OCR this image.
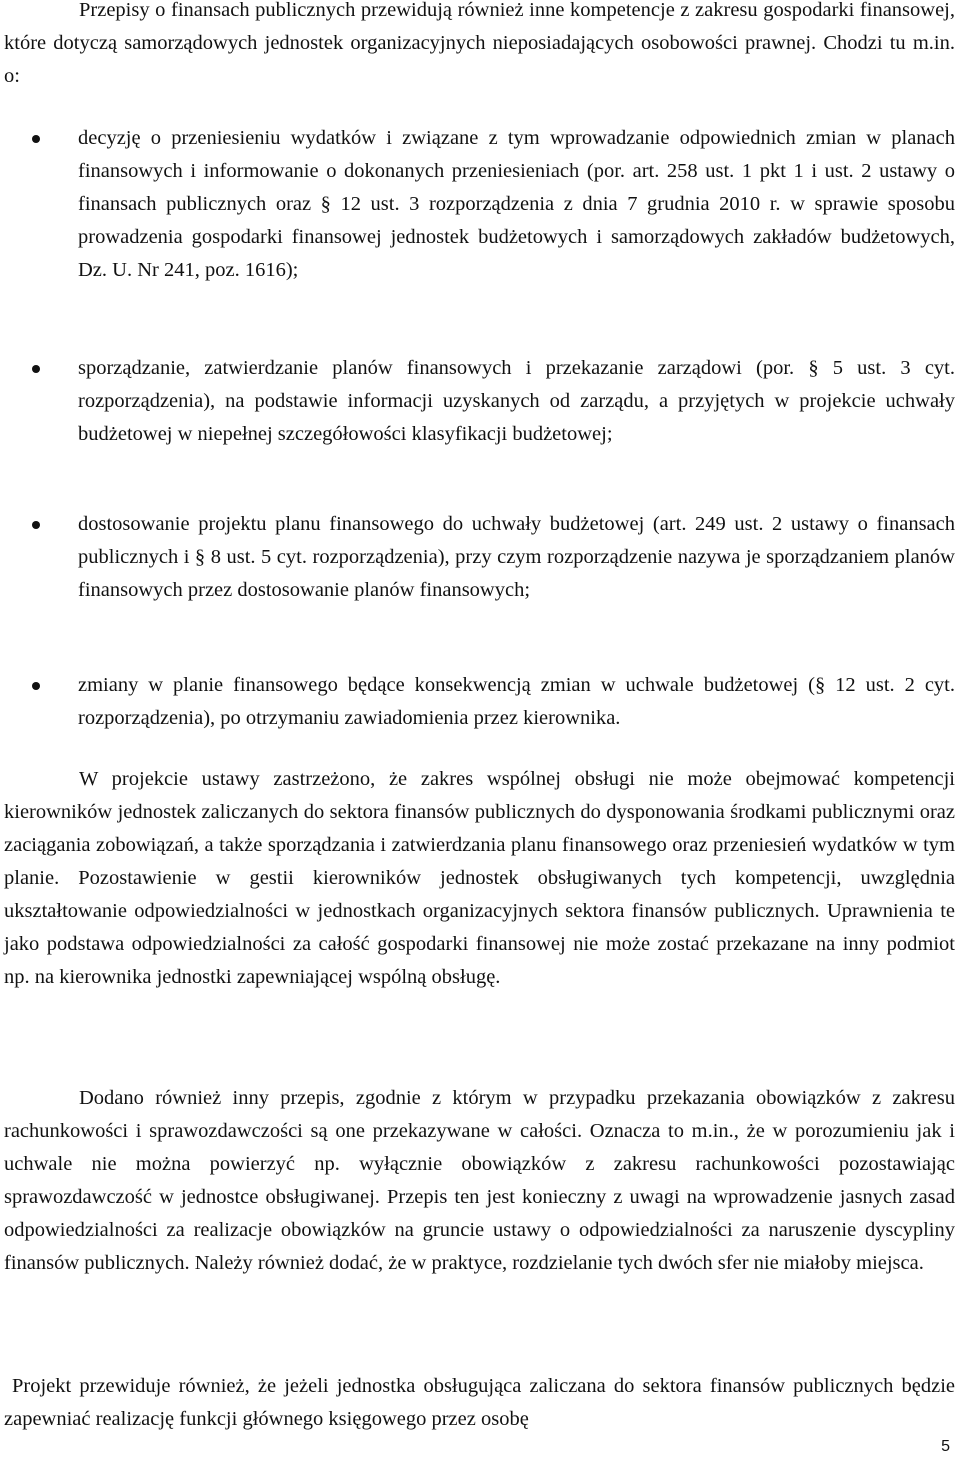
Przepisy o finansach publicznych przewidują również inne kompetencje z zakresu gospodarki finansowej, które dotyczą samorządowych jednostek organizacyjnych nieposiadających osobowości prawnej. Chodzi tu m.in. o:

decyzję o przeniesieniu wydatków i związane z tym wprowadzanie odpowiednich zmian w planach finansowych i informowanie o dokonanych przeniesieniach (por. art. 258 ust. 1 pkt 1 i ust. 2 ustawy o finansach publicznych oraz § 12 ust. 3 rozporządzenia z dnia 7 grudnia 2010 r. w sprawie sposobu prowadzenia gospodarki finansowej jednostek budżetowych i samorządowych zakładów budżetowych, Dz. U. Nr 241, poz. 1616);
sporządzanie, zatwierdzanie planów finansowych i przekazanie zarządowi (por. § 5 ust. 3 cyt. rozporządzenia), na podstawie informacji uzyskanych od zarządu, a przyjętych w projekcie uchwały budżetowej w niepełnej szczegółowości klasyfikacji budżetowej;
dostosowanie projektu planu finansowego do uchwały budżetowej (art. 249 ust. 2 ustawy o finansach publicznych i § 8 ust. 5 cyt. rozporządzenia), przy czym rozporządzenie nazywa je sporządzaniem planów finansowych przez dostosowanie planów finansowych;
zmiany w planie finansowego będące konsekwencją zmian w uchwale budżetowej (§ 12 ust. 2 cyt. rozporządzenia), po otrzymaniu zawiadomienia przez kierownika.

W projekcie ustawy zastrzeżono, że zakres wspólnej obsługi nie może obejmować kompetencji kierowników jednostek zaliczanych do sektora finansów publicznych do dysponowania środkami publicznymi oraz zaciągania zobowiązań, a także sporządzania i zatwierdzania planu finansowego oraz przeniesień wydatków w tym planie. Pozostawienie w gestii kierowników jednostek obsługiwanych tych kompetencji, uwzględnia ukształtowanie odpowiedzialności w jednostkach organizacyjnych sektora finansów publicznych. Uprawnienia te jako podstawa odpowiedzialności za całość gospodarki finansowej nie może zostać przekazane na inny podmiot np. na kierownika jednostki zapewniającej wspólną obsługę.

Dodano również inny przepis, zgodnie z którym w przypadku przekazania obowiązków z zakresu rachunkowości i sprawozdawczości są one przekazywane w całości. Oznacza to m.in., że w porozumieniu jak i uchwale nie można powierzyć np. wyłącznie obowiązków z zakresu rachunkowości pozostawiając sprawozdawczość w jednostce obsługiwanej. Przepis ten jest konieczny z uwagi na wprowadzenie jasnych zasad odpowiedzialności za realizacje obowiązków na gruncie ustawy o odpowiedzialności za naruszenie dyscypliny finansów publicznych. Należy również dodać, że w praktyce, rozdzielanie tych dwóch sfer nie miałoby miejsca.

Projekt przewiduje również, że jeżeli jednostka obsługująca zaliczana do sektora finansów publicznych będzie zapewniać realizację funkcji głównego księgowego przez osobę

5
